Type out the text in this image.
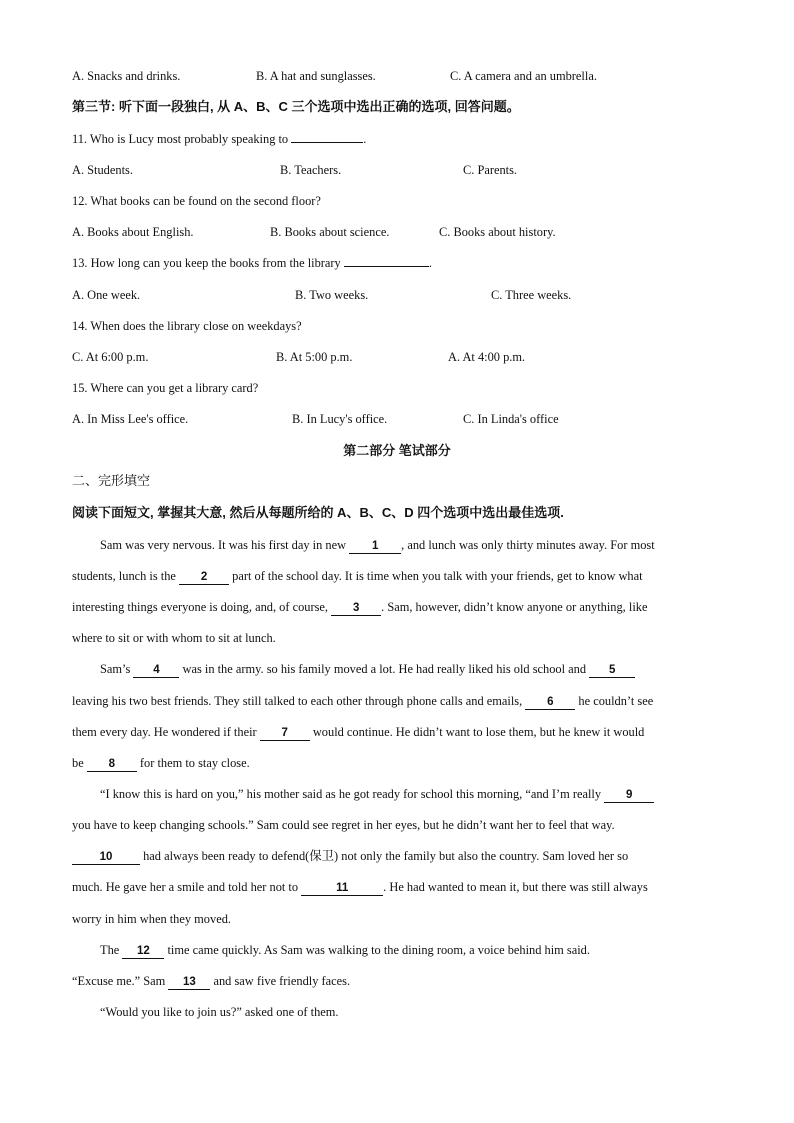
A. Snacks and drinks.	B. A hat and sunglasses.	C. A camera and an umbrella.
第三节: 听下面一段独白, 从 A、B、C 三个选项中选出正确的选项, 回答问题。
11. Who is Lucy most probably speaking to	.
A. Students.	B. Teachers.	C. Parents.
12. What books can be found on the second floor?
A. Books about English.	B. Books about science.	C. Books about history.
13. How long can you keep the books from the library	.
A. One week.	B. Two weeks.	C. Three weeks.
14. When does the library close on weekdays?
C. At 6:00 p.m.	B. At 5:00 p.m.	A. At 4:00 p.m.
15. Where can you get a library card?
A. In Miss Lee's office.	B. In Lucy's office.	C. In Linda's office
第二部分 笔试部分
二、完形填空
阅读下面短文, 掌握其大意, 然后从每题所给的 A、B、C、D 四个选项中选出最佳选项.
Sam was very nervous. It was his first day in new 1 , and lunch was only thirty minutes away. For most
students, lunch is the 2 part of the school day. It is time when you talk with your friends, get to know what
interesting things everyone is doing, and, of course, 3 . Sam, however, didn’t know anyone or anything, like
where to sit or with whom to sit at lunch.
Sam’s 4 was in the army. so his family moved a lot. He had really liked his old school and 5
leaving his two best friends. They still talked to each other through phone calls and emails, 6 he couldn’t see
them every day. He wondered if their 7 would continue. He didn’t want to lose them, but he knew it would
be 8 for them to stay close.
“I know this is hard on you,” his mother said as he got ready for school this morning, “and I’m really 9
you have to keep changing schools.” Sam could see regret in her eyes, but he didn’t want her to feel that way.
10 had always been ready to defend(保卫) not only the family but also the country. Sam loved her so
much. He gave her a smile and told her not to	11	. He had wanted to mean it, but there was still always
worry in him when they moved.
The 12 time came quickly. As Sam was walking to the dining room, a voice behind him said.
“Excuse me.” Sam 13 and saw five friendly faces.
“Would you like to join us?” asked one of them.
